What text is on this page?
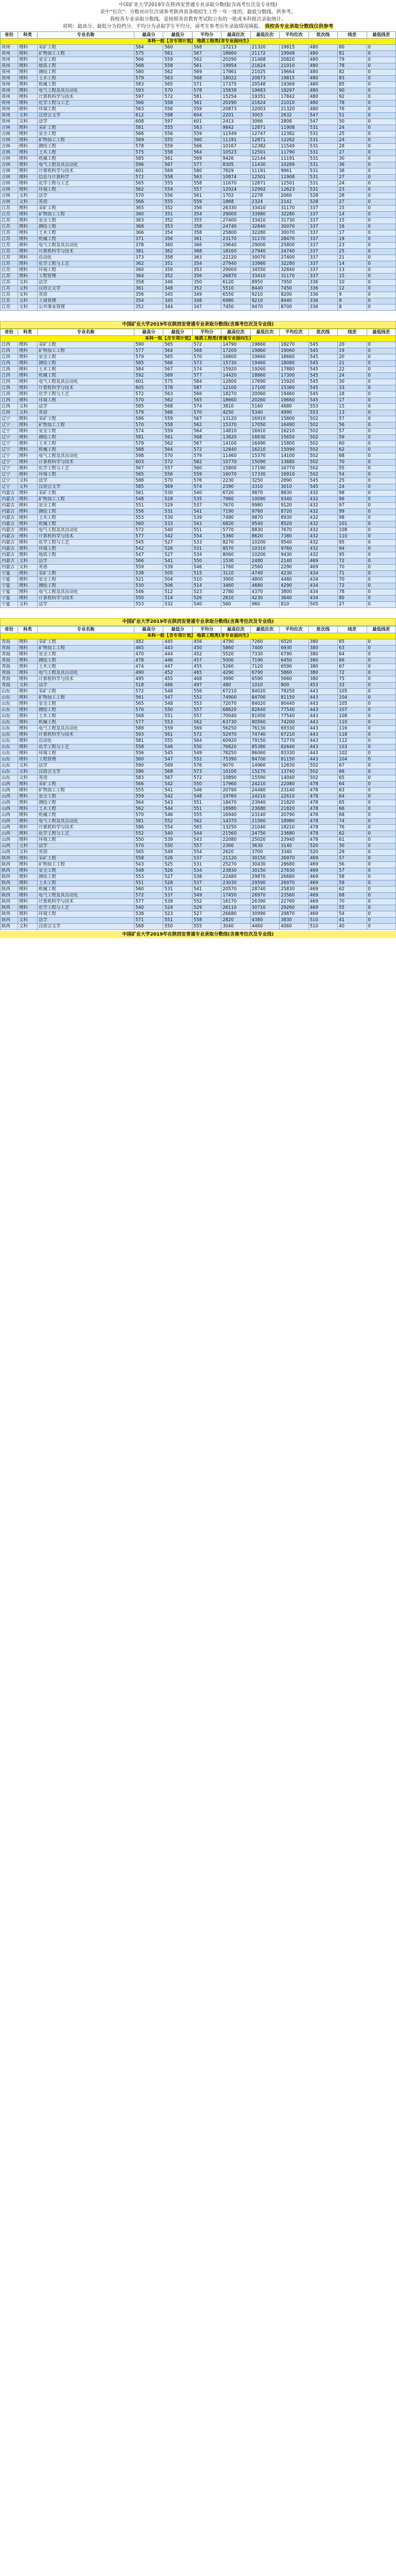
中国矿业大学2019年在陕西安普通专业录取分数线(含高考位次及专业线)
表中“位次”：分数对应位次请参考陕西省各级招生工作一年一度的，最低分数线，供参考。
我校各专业录取分数线，是按照各省教育考试院公布的一批或本科批次录取统计。
说明：最高分、最低分为投档分，平均分为录取学生平均分，请考生参考历年录取情况填报。 我校各专业录取分数线仅供参考
省份	科类	专业名称	最高分	最低分	平均分	最高位次	最低位次	平均位次	批次线	线差	最低线差
本科一批【含专项计划】 地质工程类(非专业面向生)											
贵州	理科	采矿工程	584	560	568	17213	21320	19815	480	80	0
贵州	理科	矿物加工工程	575	561	567	18660	21172	19948	480	81	0
贵州	理科	安全工程	566	559	562	20290	21468	20820	480	79	0
贵州	理科	地质工程	568	558	561	19954	21624	21010	480	78	0
贵州	理科	测绘工程	580	562	569	17861	21025	19664	480	82	0
贵州	理科	土木工程	579	563	568	18022	20873	19815	480	83	0
贵州	理科	机械工程	583	565	571	17375	20548	19369	480	85	0
贵州	理科	电气工程及其自动化	593	570	578	15839	19683	18297	480	90	0
贵州	理科	计算机科学与技术	597	572	581	15254	19351	17842	480	92	0
贵州	理科	化学工程与工艺	566	558	561	20290	21624	21010	480	78	0
贵州	理科	环境工程	563	556	559	20873	22003	21320	480	76	0
贵州	文科	汉语言文学	612	598	604	2201	3003	2632	547	51	0
贵州	文科	法学	608	597	601	2413	3066	2808	547	50	0
吉林	理科	采矿工程	581	555	563	9842	12871	11908	531	24	0
吉林	理科	安全工程	566	556	559	11549	12747	12382	531	25	0
吉林	理科	矿物加工工程	569	555	560	11191	12871	12262	531	24	0
吉林	理科	测绘工程	578	559	566	10167	12382	11549	531	28	0
吉林	理科	土木工程	575	558	564	10523	12501	11790	531	27	0
吉林	理科	机械工程	585	561	569	9426	12144	11191	531	30	0
吉林	理科	电气工程及其自动化	596	567	577	8305	11430	10289	531	36	0
吉林	理科	计算机科学与技术	601	569	580	7829	11191	9961	531	38	0
吉林	理科	信息与计算科学	572	558	563	10874	12501	11908	531	27	0
吉林	理科	化学工程与工艺	565	555	558	11670	12871	12501	531	24	0
吉林	理科	环境工程	562	554	557	12024	12992	12623	531	23	0
吉林	文科	法学	570	556	561	1702	2278	2060	528	28	0
吉林	文科	英语	566	555	559	1868	2324	2141	528	27	0
江苏	理科	采矿工程	365	352	356	26330	33410	31170	337	15	0
江苏	理科	矿物加工工程	360	351	354	29000	33980	32280	337	14	0
江苏	理科	安全工程	363	352	355	27400	33410	31730	337	15	0
江苏	理科	测绘工程	368	353	358	24740	32840	30070	337	16	0
江苏	理科	土木工程	366	354	358	25800	32280	30070	337	17	0
江苏	理科	机械工程	371	356	361	23170	31170	28470	337	19	0
江苏	理科	电气工程及其自动化	378	360	366	19640	29000	25800	337	23	0
江苏	理科	计算机科学与技术	381	362	368	18160	27940	24740	337	25	0
江苏	理科	自动化	373	358	363	22120	30070	27400	337	21	0
江苏	理科	化学工程与工艺	362	351	354	27940	33980	32280	337	14	0
江苏	理科	环境工程	360	350	353	29000	34550	32840	337	13	0
江苏	理科	工程管理	364	352	356	26870	33410	31170	337	15	0
江苏	文科	法学	358	346	350	6120	8950	7950	336	10	0
江苏	文科	汉语言文学	361	348	352	5510	8440	7450	336	12	0
江苏	文科	英语	356	345	349	6550	9210	8200	336	9	0
江苏	文科	工商管理	354	345	348	6980	9210	8440	336	9	0
江苏	文科	公共事业管理	352	344	347	7450	9470	8700	336	8	0
中国矿业大学2019年在陕西安普通专业录取分数线(含高考位次及专业线)
省份	科类	专业名称	最高分	最低分	平均分	最高位次	最低位次	平均位次	批次线	线差	最低线差
本科一批【含专项计划】 地质工程类(普通专业面向生)											
江西	理科	采矿工程	590	565	572	14790	19660	18270	545	20	0
江西	理科	矿物加工工程	577	564	568	17200	19860	19060	545	19	0
江西	理科	安全工程	579	565	570	16800	19660	18660	545	20	0
江西	理科	测绘工程	585	566	573	15730	19460	18080	545	21	0
江西	理科	土木工程	584	567	574	15920	19260	17880	545	22	0
江西	理科	机械工程	592	569	577	14420	18860	17300	545	24	0
江西	理科	电气工程及其自动化	601	575	584	12800	17690	15920	545	30	0
江西	理科	计算机科学与技术	605	578	587	12100	17100	15360	545	33	0
江西	理科	化学工程与工艺	572	563	566	18270	20060	19460	545	18	0
江西	理科	环境工程	570	562	565	18660	20260	19660	545	17	0
江西	文科	法学	585	568	574	3810	5160	4680	553	15	0
江西	文科	英语	579	566	570	4250	5340	4990	553	13	0
辽宁	理科	采矿工程	586	559	567	13120	16910	15800	502	57	0
辽宁	理科	矿物加工工程	570	558	562	15370	17050	16490	502	56	0
辽宁	理科	安全工程	574	559	564	14810	16910	16210	502	57	0
辽宁	理科	测绘工程	581	561	568	13820	16630	15650	502	59	0
辽宁	理科	土木工程	579	562	567	14100	16490	15800	502	60	0
辽宁	理科	机械工程	588	564	572	12840	16210	15090	502	62	0
辽宁	理科	电气工程及其自动化	598	570	579	11460	15370	14100	502	68	0
辽宁	理科	计算机科学与技术	603	572	582	10770	15090	13680	502	70	0
辽宁	理科	化学工程与工艺	567	557	560	15800	17190	16770	502	55	0
辽宁	理科	环境工程	565	556	559	16070	17330	16910	502	54	0
辽宁	文科	法学	588	570	576	2230	3250	2890	545	25	0
辽宁	文科	汉语言文学	585	569	574	2390	3310	3010	545	24	0
内蒙古	理科	采矿工程	561	530	540	6720	9870	8830	432	98	0
内蒙古	理科	矿物加工工程	548	528	535	7960	10090	9340	432	96	0
内蒙古	理科	安全工程	551	529	537	7670	9980	9120	432	97	0
内蒙古	理科	测绘工程	556	531	541	7190	9760	8720	432	99	0
内蒙古	理科	土木工程	553	530	539	7480	9870	8930	432	98	0
内蒙古	理科	机械工程	560	533	543	6820	9540	8520	432	101	0
内蒙古	理科	电气工程及其自动化	572	540	551	5770	8830	7670	432	108	0
内蒙古	理科	计算机科学与技术	577	542	554	5360	8620	7380	432	110	0
内蒙古	理科	化学工程与工艺	545	527	533	8270	10200	9540	432	95	0
内蒙古	理科	环境工程	542	526	531	8570	10310	9760	432	94	0
内蒙古	理科	地质工程	547	527	534	8060	10200	9430	432	95	0
内蒙古	文科	法学	566	541	550	1530	2480	2140	469	72	0
内蒙古	文科	英语	559	539	546	1760	2560	2290	469	70	0
宁夏	理科	采矿工程	538	505	515	3110	4740	4230	434	71	0
宁夏	理科	安全工程	521	504	510	3900	4800	4480	434	70	0
宁夏	理科	测绘工程	530	506	514	3460	4680	4290	434	72	0
宁夏	理科	电气工程及其自动化	546	512	523	2780	4370	3800	434	78	0
宁夏	理科	计算机科学与技术	550	514	526	2610	4230	3640	434	80	0
宁夏	文科	法学	553	532	540	560	960	810	505	27	0
中国矿业大学2019年在陕西安普通专业录取分数线(含高考位次及专业线)
省份	科类	专业名称	最高分	最低分	平均分	最高位次	最低位次	平均位次	批次线	线差	最低线差
本科一批【含专项计划】 地质工程类(非专业面向生)											
青海	理科	采矿工程	482	445	456	4790	7260	6520	380	65	0
青海	理科	矿物加工工程	465	443	450	5860	7400	6930	380	63	0
青海	理科	安全工程	470	444	452	5520	7330	6790	380	64	0
青海	理科	测绘工程	478	446	457	5000	7190	6450	380	66	0
青海	理科	土木工程	474	447	455	5260	7120	6590	380	67	0
青海	理科	电气工程及其自动化	490	452	465	4290	6790	5860	380	72	0
青海	理科	计算机科学与技术	495	455	468	3990	6590	5660	380	75	0
青海	文科	法学	518	486	497	480	1010	800	453	33	0
山东	理科	采矿工程	572	548	556	67210	84020	78250	443	105	0
山东	理科	矿物加工工程	561	547	552	74900	84700	81150	443	104	0
山东	理科	安全工程	565	548	553	72070	84020	80440	443	105	0
山东	理科	测绘工程	570	550	557	68620	82640	77540	443	107	0
山东	理科	土木工程	568	551	557	70040	81950	77540	443	108	0
山东	理科	机械工程	577	553	562	63730	80560	74200	443	110	0
山东	理科	电气工程及其自动化	588	559	569	56250	76130	69330	443	116	0
山东	理科	计算机科学与技术	593	561	572	52970	74740	67210	443	118	0
山东	理科	自动化	581	555	564	60920	79150	72770	443	112	0
山东	理科	化学工程与工艺	558	546	550	76820	85380	82640	443	103	0
山东	理科	环境工程	556	545	549	78250	86060	83330	443	102	0
山东	理科	工程管理	560	547	552	75390	84700	81150	443	104	0
山东	文科	法学	590	569	576	9070	14960	12830	502	67	0
山东	文科	汉语言文学	586	568	573	10100	15270	13740	502	66	0
山东	文科	英语	583	567	572	10890	15590	14040	502	65	0
山西	理科	采矿工程	566	542	550	17960	24210	22080	478	64	0
山西	理科	矿物加工工程	555	541	546	20790	24480	23140	478	63	0
山西	理科	安全工程	559	542	548	19760	24210	22610	478	64	0
山西	理科	测绘工程	564	543	551	18470	23940	21820	478	65	0
山西	理科	土木工程	562	544	551	18980	23680	21820	478	66	0
山西	理科	机械工程	570	546	555	16940	23140	20790	478	68	0
山西	理科	电气工程及其自动化	581	552	562	14370	21560	18980	478	74	0
山西	理科	计算机科学与技术	586	554	565	13250	21040	18210	478	76	0
山西	理科	化学工程与工艺	552	540	544	21560	24750	23680	478	62	0
山西	理科	环境工程	550	539	543	22080	25020	23940	478	61	0
山西	文科	法学	570	550	557	2300	3630	3140	520	30	0
山西	文科	英语	565	549	554	2620	3700	3340	520	29	0
陕西	理科	采矿工程	558	526	537	21120	30150	26970	469	57	0
陕西	理科	矿物加工工程	543	525	531	25270	30430	28680	469	56	0
陕西	理科	安全工程	548	526	534	23830	30150	27830	469	57	0
陕西	理科	测绘工程	553	527	538	22480	29870	26680	469	58	0
陕西	理科	土木工程	551	528	537	23030	29590	26970	469	59	0
陕西	理科	机械工程	560	531	541	20570	28740	25830	469	62	0
陕西	理科	电气工程及其自动化	572	537	549	17450	26970	23560	469	68	0
陕西	理科	计算机科学与技术	577	539	552	16170	26390	22760	469	70	0
陕西	理科	化学工程与工艺	540	524	529	26110	30710	29260	469	55	0
陕西	理科	环境工程	538	523	527	26680	30990	29870	469	54	0
陕西	文科	法学	571	551	558	2820	4380	3830	510	41	0
陕西	文科	汉语言文学	568	550	555	3040	4460	4060	510	40	0
中国矿业大学2019年在陕西安普通专业录取分数线(含高考位次及专业线)
